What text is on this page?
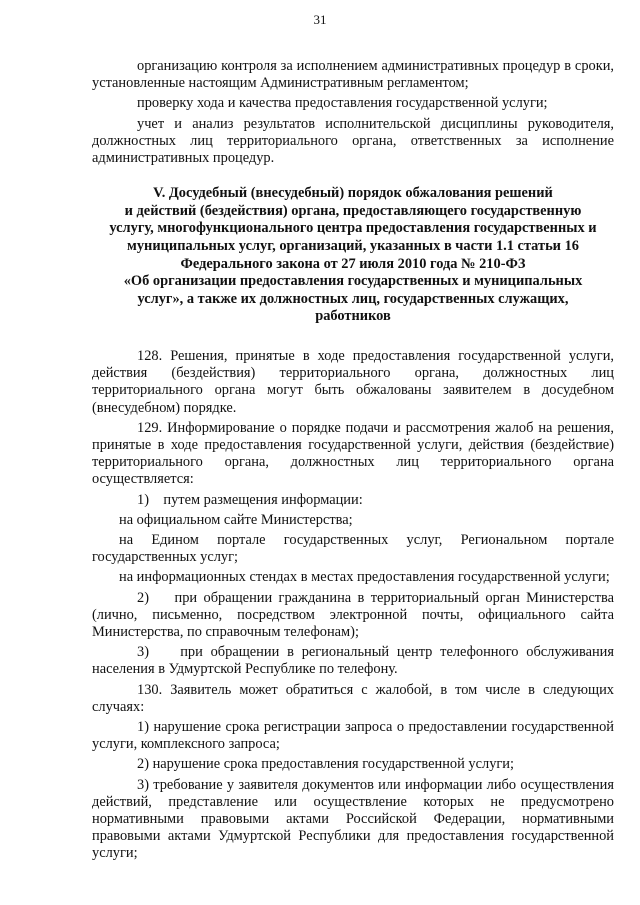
31

организацию контроля за исполнением административных процедур в сроки, установленные настоящим Административным регламентом;

проверку хода и качества предоставления государственной услуги;

учет и анализ результатов исполнительской дисциплины руководителя, должностных лиц территориального органа, ответственных за исполнение административных процедур.

V. Досудебный (внесудебный) порядок обжалования решений
и действий (бездействия) органа, предоставляющего государственную
услугу, многофункционального центра предоставления государственных и
муниципальных услуг, организаций, указанных в части 1.1 статьи 16
Федерального закона от 27 июля 2010 года № 210-ФЗ
«Об организации предоставления государственных и муниципальных
услуг», а также их должностных лиц, государственных служащих,
работников

128. Решения, принятые в ходе предоставления государственной услуги, действия (бездействия) территориального органа, должностных лиц территориального органа могут быть обжалованы заявителем в досудебном (внесудебном) порядке.

129. Информирование о порядке подачи и рассмотрения жалоб на решения, принятые в ходе предоставления государственной услуги, действия (бездействие) территориального органа, должностных лиц территориального органа осуществляется:

1)    путем размещения информации:

на официальном сайте Министерства;

на Едином портале государственных услуг, Региональном портале государственных услуг;

на информационных стендах в местах предоставления государственной услуги;

2)    при обращении гражданина в территориальный орган Министерства (лично, письменно, посредством электронной почты, официального сайта Министерства, по справочным телефонам);

3)    при обращении в региональный центр телефонного обслуживания населения в Удмуртской Республике по телефону.

130. Заявитель может обратиться с жалобой, в том числе в следующих случаях:

1) нарушение срока регистрации запроса о предоставлении государственной услуги, комплексного запроса;

2) нарушение срока предоставления государственной услуги;

3) требование у заявителя документов или информации либо осуществления действий, представление или осуществление которых не предусмотрено нормативными правовыми актами Российской Федерации, нормативными правовыми актами Удмуртской Республики для предоставления государственной услуги;
